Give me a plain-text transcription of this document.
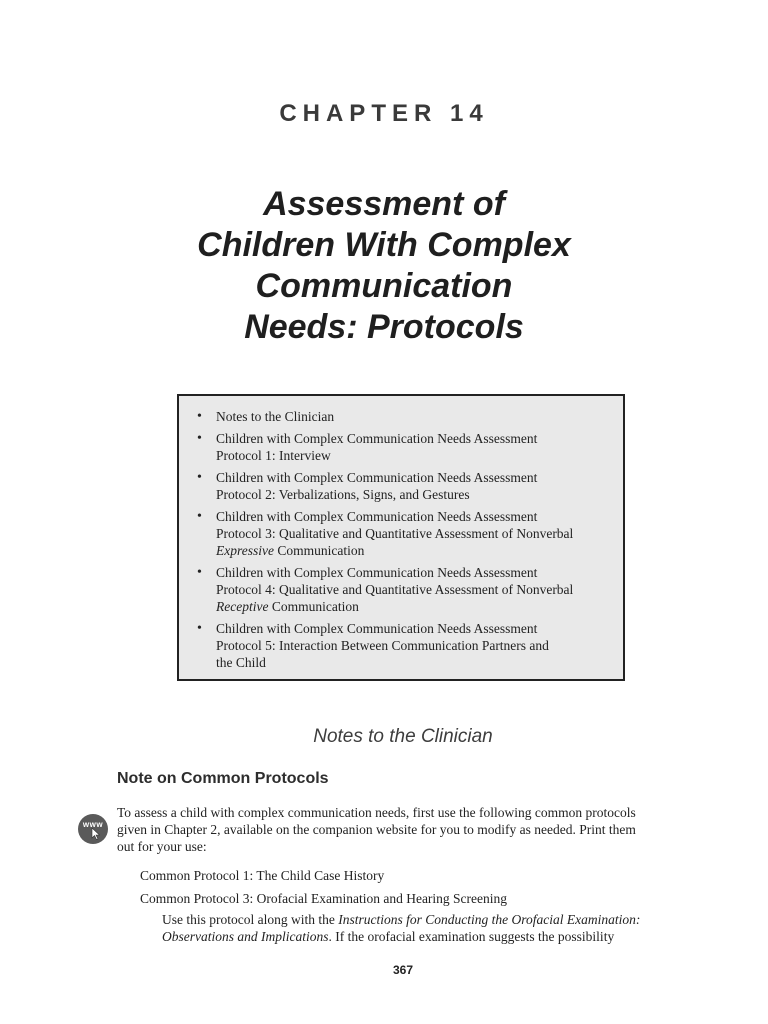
CHAPTER 14
Assessment of
Children With Complex
Communication
Needs: Protocols
• Notes to the Clinician
• Children with Complex Communication Needs Assessment
Protocol 1: Interview
• Children with Complex Communication Needs Assessment
Protocol 2: Verbalizations, Signs, and Gestures
• Children with Complex Communication Needs Assessment
Protocol 3: Qualitative and Quantitative Assessment of Nonverbal
Expressive Communication
• Children with Complex Communication Needs Assessment
Protocol 4: Qualitative and Quantitative Assessment of Nonverbal
Receptive Communication
• Children with Complex Communication Needs Assessment
Protocol 5: Interaction Between Communication Partners and
the Child
Notes to the Clinician
Note on Common Protocols
www

To assess a child with complex communication needs, first use the following common protocols
given in Chapter 2, available on the companion website for you to modify as needed. Print them
out for your use:

Common Protocol 1: The Child Case History
Common Protocol 3: Orofacial Examination and Hearing Screening

Use this protocol along with the Instructions for Conducting the Orofacial Examination:
Observations and Implications. If the orofacial examination suggests the possibility

367
